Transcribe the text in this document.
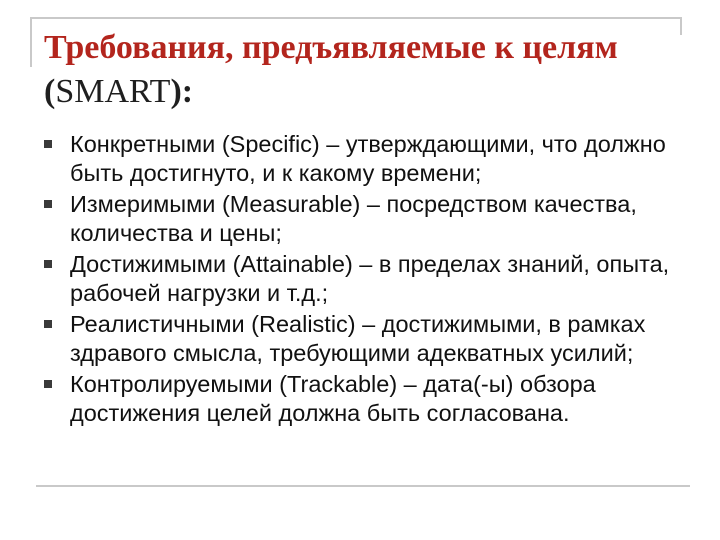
Требования, предъявляемые к целям
(SMART):
Конкретными (Specific) – утверждающими, что должно быть достигнуто, и к какому времени;
Измеримыми (Measurable) – посредством качества, количества и цены;
Достижимыми (Attainable) – в пределах знаний, опыта, рабочей нагрузки и т.д.;
Реалистичными (Realistic) – достижимыми, в рамках здравого смысла, требующими адекватных усилий;
Контролируемыми (Trackable) – дата(-ы) обзора достижения целей должна быть согласована.
